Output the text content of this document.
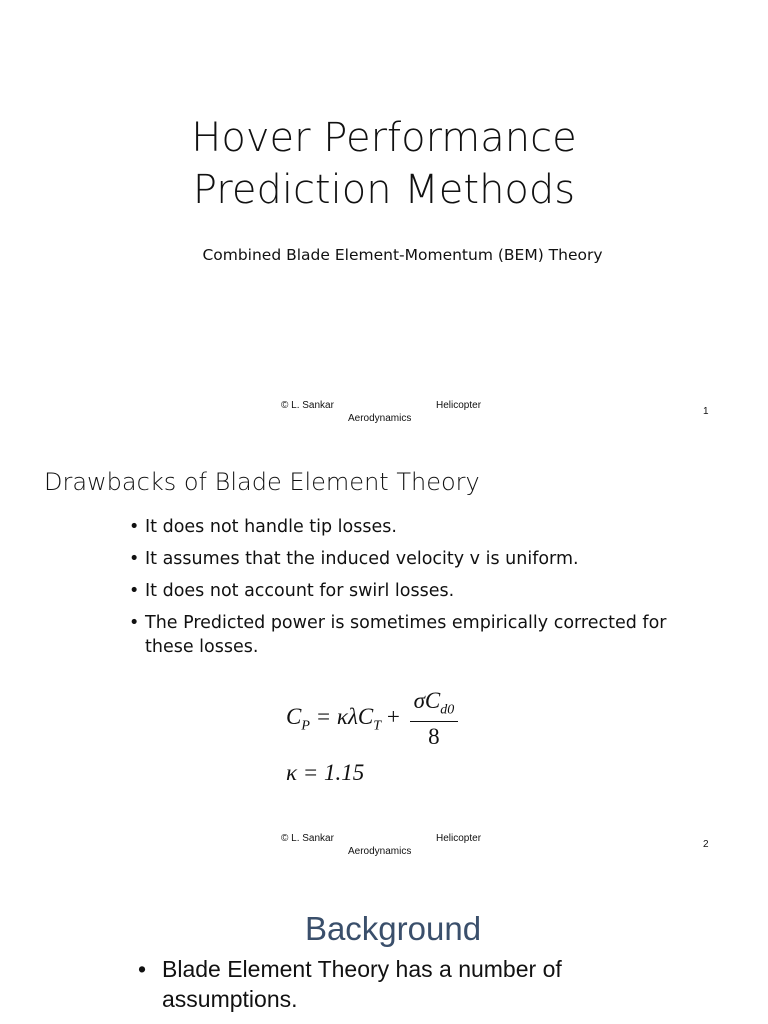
Hover Performance
Prediction Methods
Combined Blade Element-Momentum (BEM) Theory
© L. Sankar	Helicopter
Aerodynamics
1
Drawbacks of Blade Element Theory
• It does not handle tip losses.
• It assumes that the induced velocity v is uniform.
• It does not account for swirl losses.
• The Predicted power is sometimes empirically corrected for these losses.
$C_P = \kappa\lambda C_T + \frac{\sigma C_{d0}}{8}$
κ = 1.15
© L. Sankar	Helicopter
Aerodynamics
2
Background
• Blade Element Theory has a number of assumptions.
